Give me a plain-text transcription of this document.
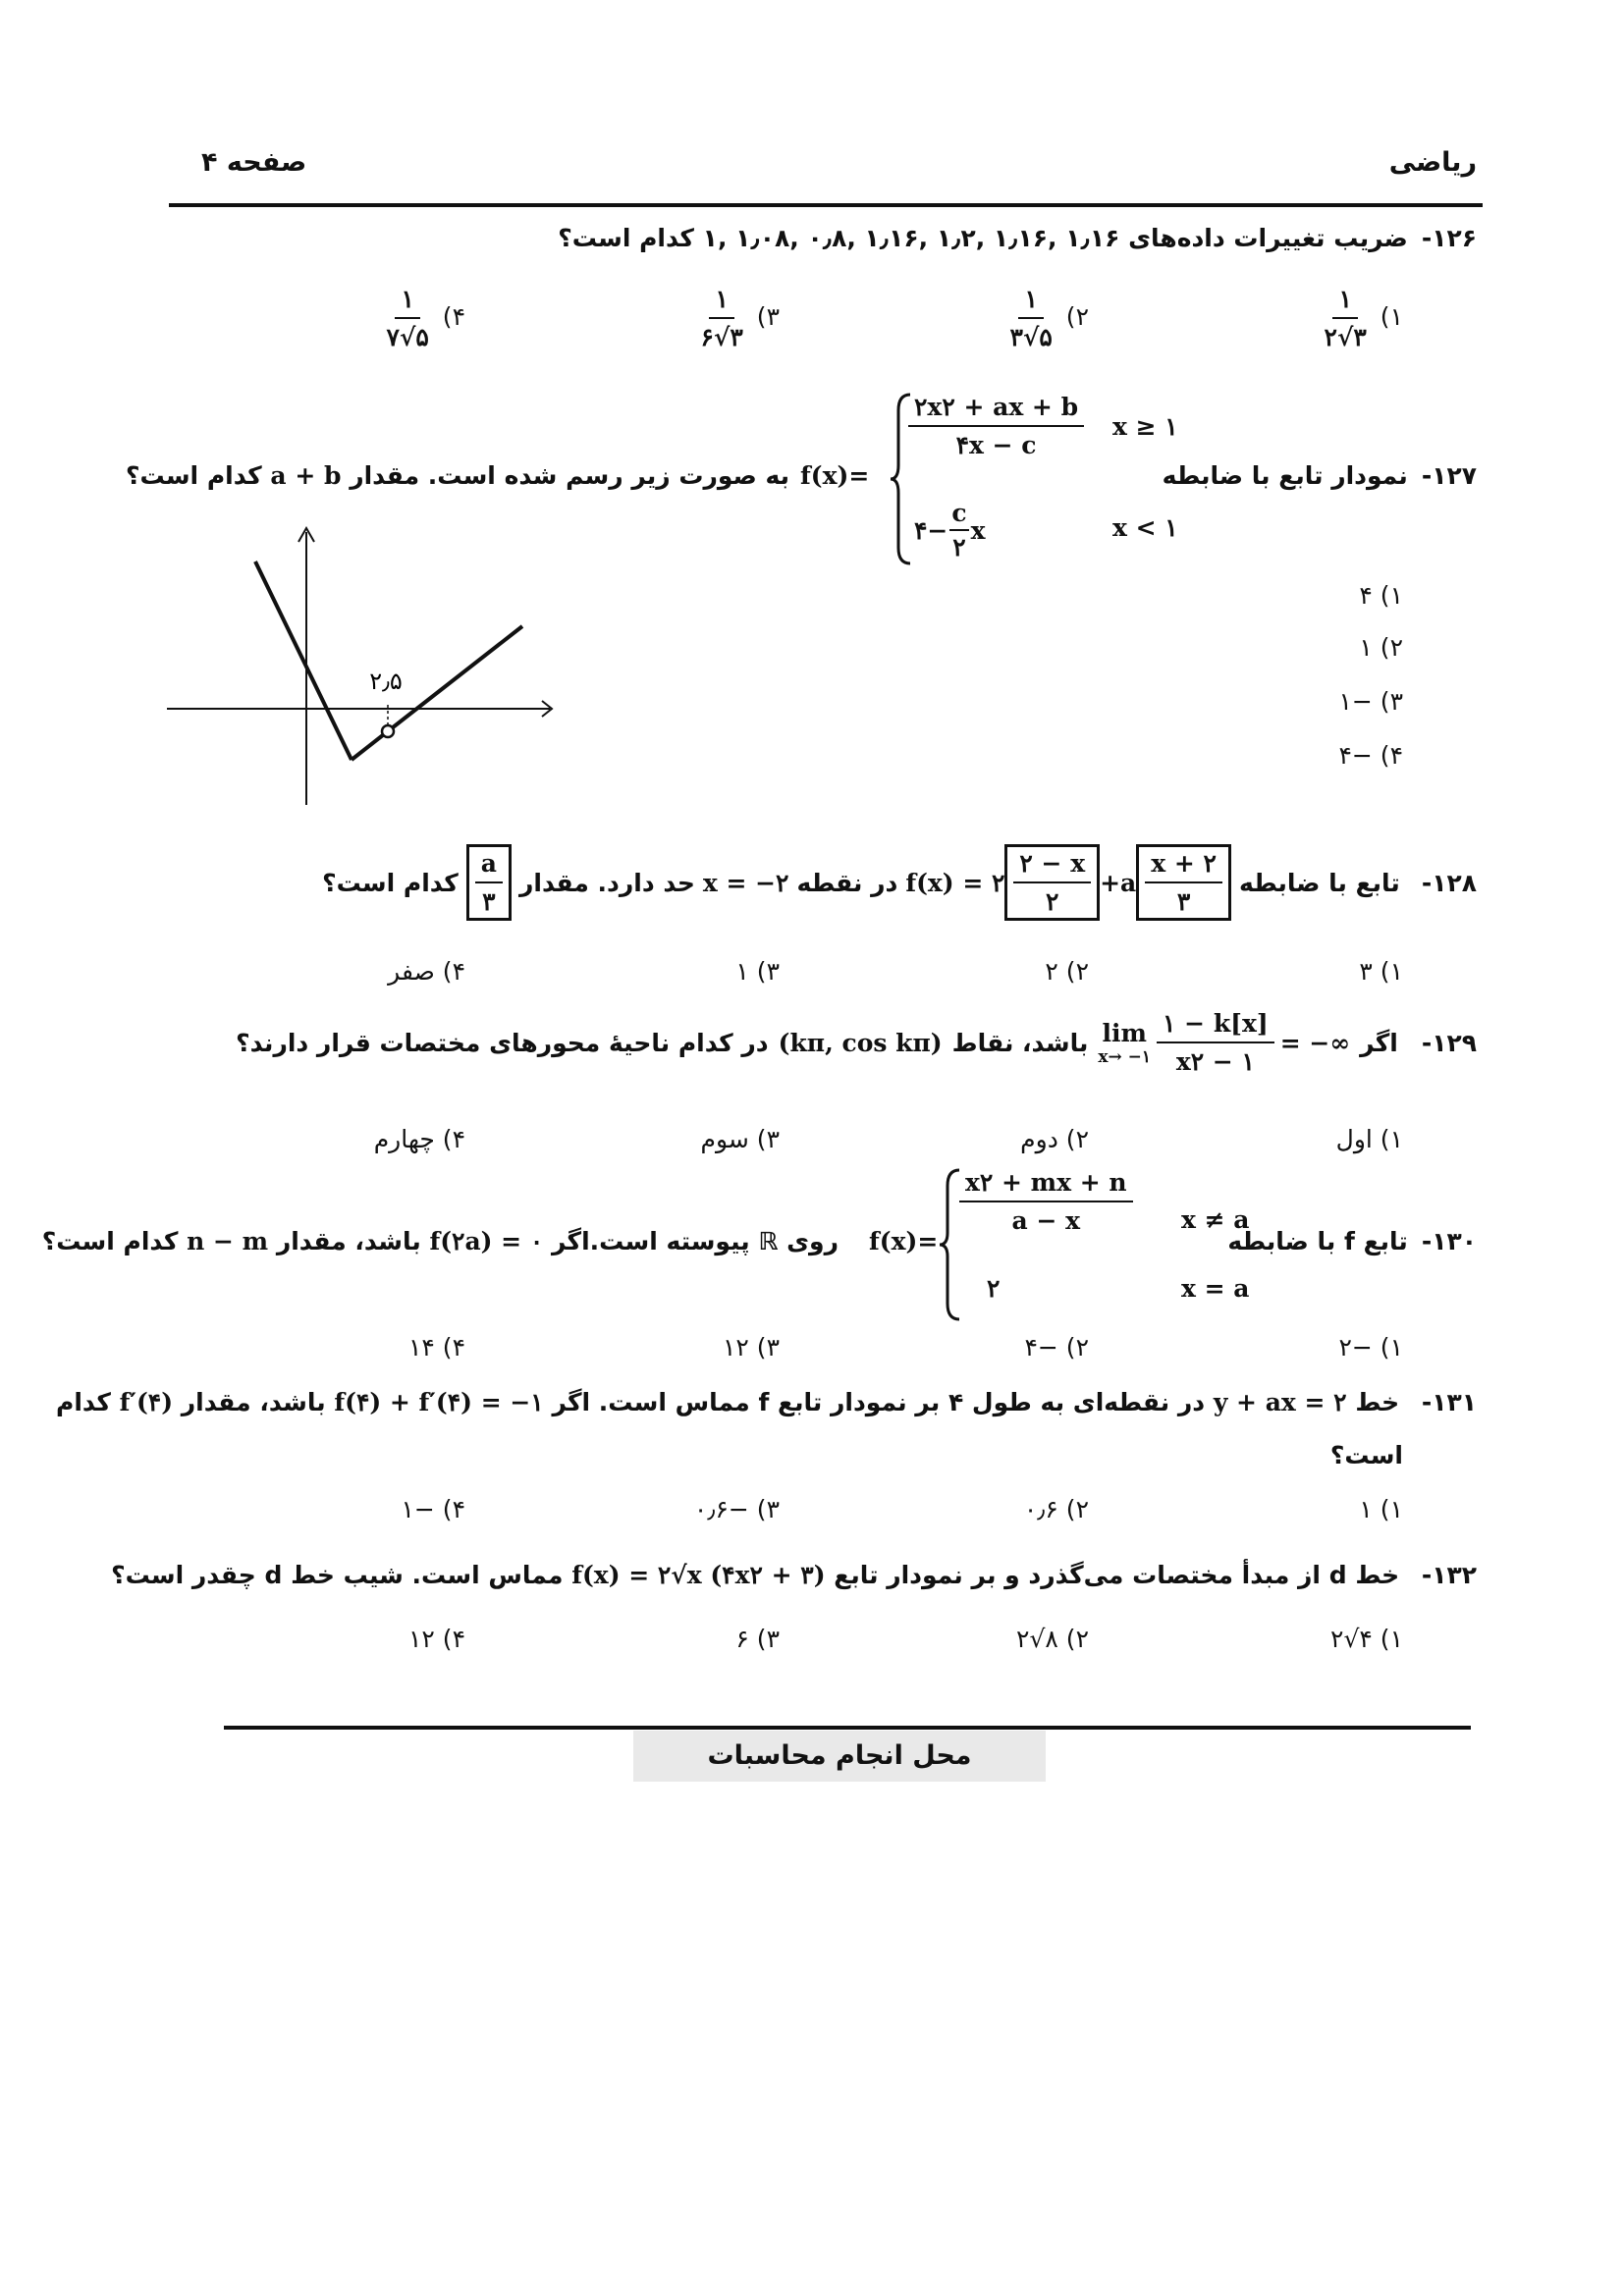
ریاضی
صفحه ۴
۱۲۶-ضریب تغییرات داده‌های ۱٫۱۶ ,۱٫۱۶ ,۱٫۲ ,۱٫۱۶ ,۰٫۸ ,۱٫۰۸ ,۱ کدام است؟
۱)
$\frac{۱}{۲√۳}$
۲)
$\frac{۱}{۳√۵}$
۳)
$\frac{۱}{۶√۳}$
۴)
$\frac{۱}{۷√۵}$
۱۲۷-نمودار تابع با ضابطه
$\frac{۲x۲ + ax + b}{۴x - c}$ x ≥ ۱
۴− $\frac{c}{۲}$ x	x < ۱
f(x)=
به صورت زیر رسم شده است. مقدار a + b کدام است؟
۲٫۵
۱) ۴
۲) ۱
۳) −۱
۴) −۴
۱۲۸-
تابع با ضابطه
f(x) = ۲ $\frac{۲ - x}{۲} +a \frac{x + ۲}{۳}$
در نقطه
x = −۲
حد دارد. مقدار
$\frac{a}{۳}$
کدام است؟
۱) ۳
۲) ۲
۳) ۱
۴) صفر
۱۲۹-
اگر
lim
x→ −۱ $\frac{۱ - k[x]}{x۲ - ۱}$ = −∞
باشد، نقاط
(kπ, cos kπ)
در کدام ناحیهٔ محورهای مختصات قرار دارند؟
۱) اول
۲) دوم
۳) سوم
۴) چهارم
۱۳۰-تابع f با ضابطه
$\frac{x۲ + mx + n}{a - x}$ x ≠ a
۲	x = a
f(x)=
روی ℝ پیوسته است.اگر f(۲a) = ۰ باشد، مقدار n − m کدام است؟
۱) −۲
۲) −۴
۳) ۱۲
۴) ۱۴
۱۳۱- خط y + ax = ۲ در نقطه‌ای به طول ۴ بر نمودار تابع f مماس است. اگر f(۴) + f′(۴) = −۱ باشد، مقدار f′(۴) کدام
است؟
۱) ۱
۲) ۰٫۶
۳) −۰٫۶
۴) −۱
۱۳۲- خط d از مبدأ مختصات می‌گذرد و بر نمودار تابع f(x) = ۲√x (۴x۲ + ۳) مماس است. شیب خط d چقدر است؟
۱) ۴√۲
۲) ۸√۲
۳) ۶
۴) ۱۲
محل انجام محاسبات
